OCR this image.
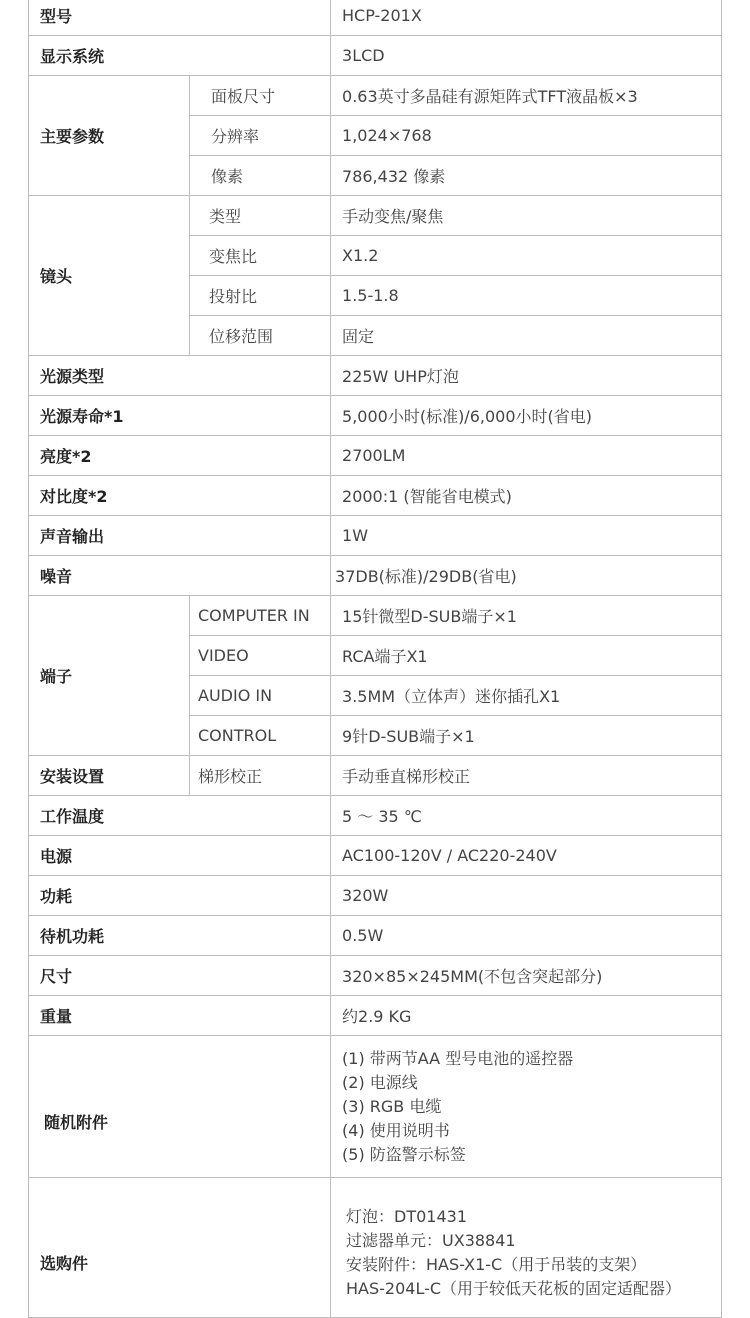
型号		HCP-201X
显示系统		3LCD
主要参数	面板尺寸	0.63英寸多晶硅有源矩阵式TFT液晶板×3
	分辨率	1,024×768
	像素	786,432 像素
镜头	类型	手动变焦/聚焦
	变焦比	X1.2
	投射比	1.5-1.8
	位移范围	固定
光源类型		225W UHP灯泡
光源寿命*1		5,000小时(标准)/6,000小时(省电)
亮度*2		2700LM
对比度*2		2000:1 (智能省电模式)
声音输出		1W
噪音		37DB(标准)/29DB(省电)
端子	COMPUTER IN	15针微型D-SUB端子×1
	VIDEO	RCA端子X1
	AUDIO IN	3.5MM（立体声）迷你插孔X1
	CONTROL	9针D-SUB端子×1
安装设置	梯形校正	手动垂直梯形校正
工作温度		5 ～ 35 ℃
电源		AC100-120V / AC220-240V
功耗		320W
待机功耗		0.5W
尺寸		320×85×245MM(不包含突起部分)
重量		约2.9 KG
随机附件		(1) 带两节AA 型号电池的遥控器
(2) 电源线
(3) RGB 电缆
(4) 使用说明书
(5) 防盗警示标签

选购件		灯泡：DT01431
过滤器单元：UX38841
安装附件：HAS-X1-C（用于吊装的支架）
HAS-204L-C（用于较低天花板的固定适配器）
